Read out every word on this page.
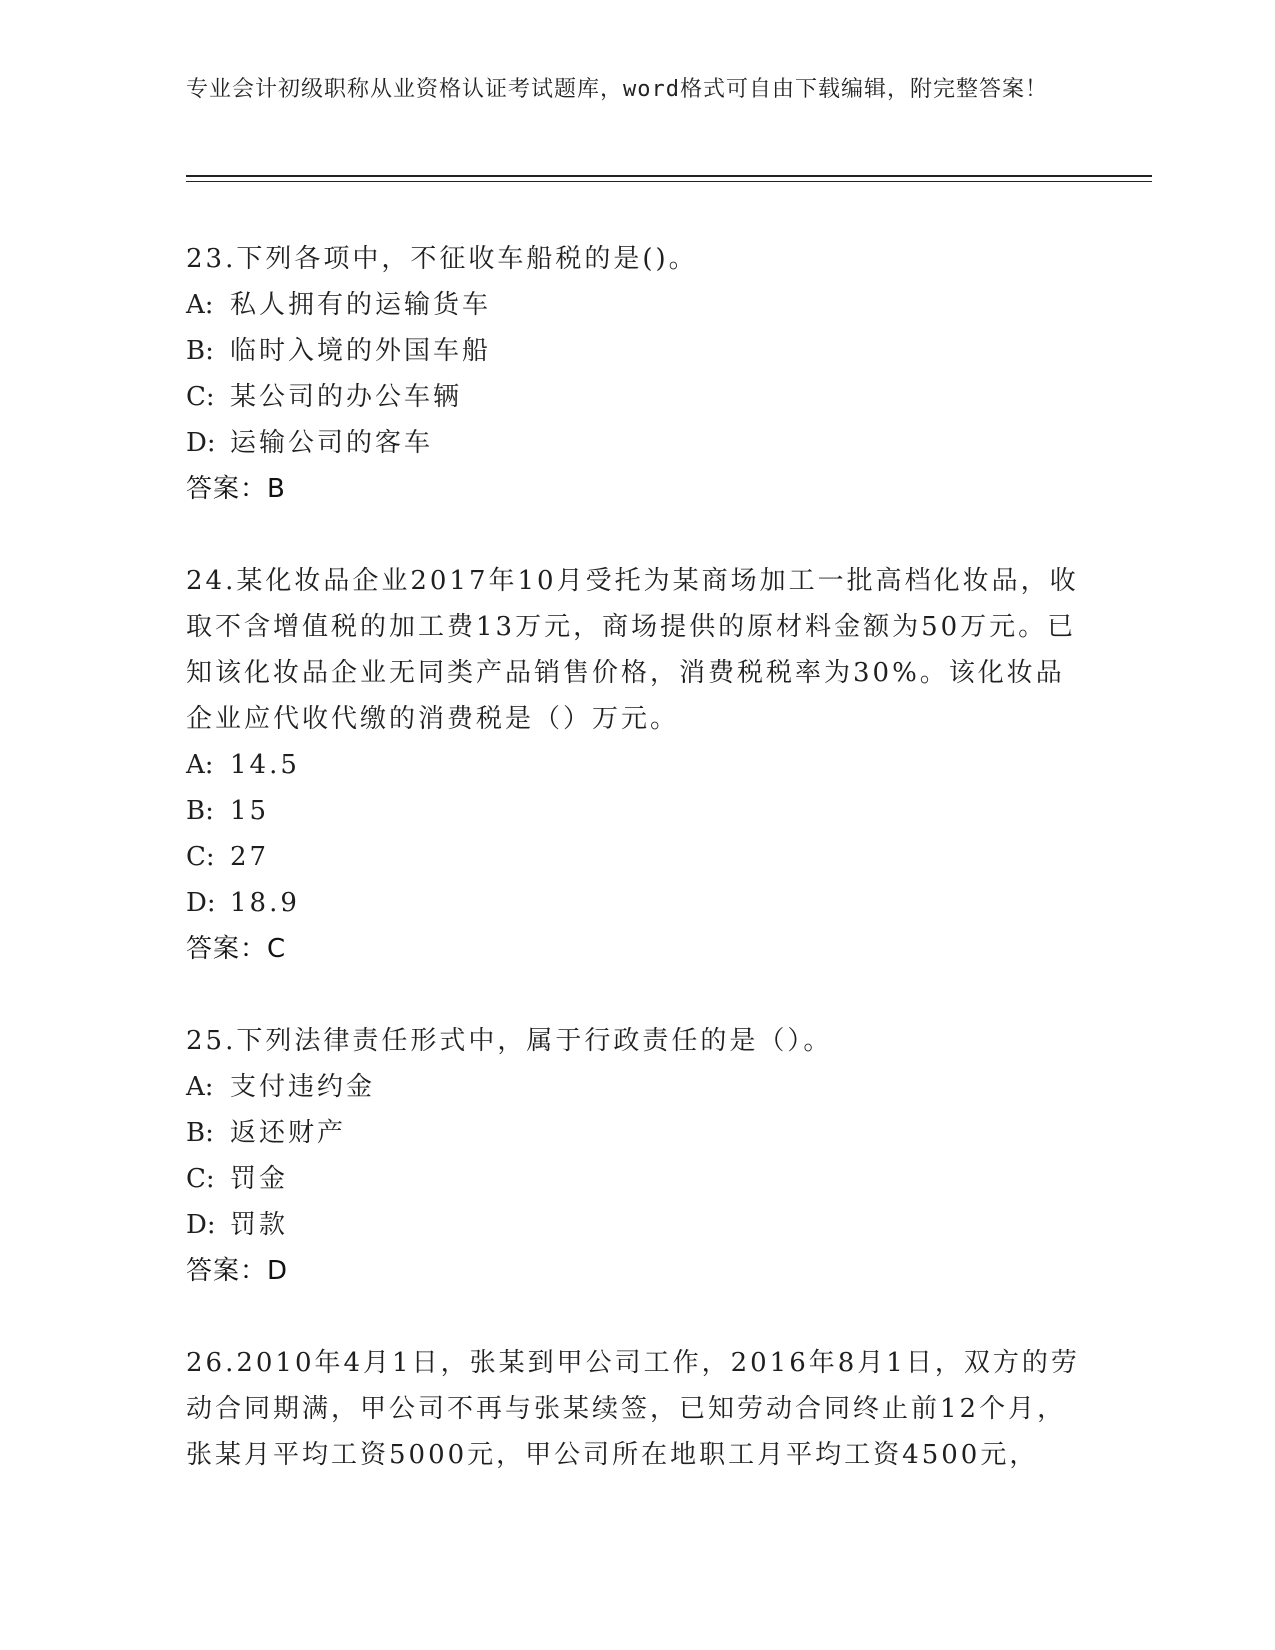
专业会计初级职称从业资格认证考试题库，word格式可自由下载编辑，附完整答案！

23.下列各项中，不征收车船税的是()。

A: 私人拥有的运输货车

B: 临时入境的外国车船

C: 某公司的办公车辆

D: 运输公司的客车

答案：B

24.某化妆品企业2017年10月受托为某商场加工一批高档化妆品，收取不含增值税的加工费13万元，商场提供的原材料金额为50万元。已知该化妆品企业无同类产品销售价格，消费税税率为30%。该化妆品企业应代收代缴的消费税是（）万元。

A: 14.5

B: 15

C: 27

D: 18.9

答案：C

25.下列法律责任形式中，属于行政责任的是（）。

A: 支付违约金

B: 返还财产

C: 罚金

D: 罚款

答案：D

26.2010年4月1日，张某到甲公司工作，2016年8月1日，双方的劳动合同期满，甲公司不再与张某续签，已知劳动合同终止前12个月，张某月平均工资5000元，甲公司所在地职工月平均工资4500元，
